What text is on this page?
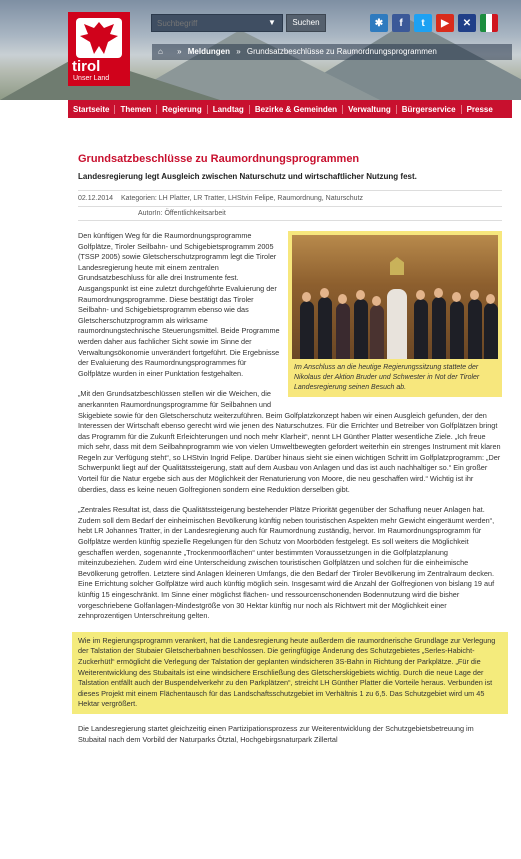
tirol
Unser Land
Suchbegriff
▼	Suchen	✱	f	t	▶	✕
⌂ » Meldungen » Grundsatzbeschlüsse zu Raumordnungsprogrammen
Startseite	Themen	Regierung	Landtag	Bezirke & Gemeinden	Verwaltung	Bürgerservice	Presse
Grundsatzbeschlüsse zu Raumordnungsprogrammen
Landesregierung legt Ausgleich zwischen Naturschutz und wirtschaftlicher Nutzung fest.
02.12.2014 Kategorien: LH Platter, LR Tratter, LHStvin Felipe, Raumordnung, Naturschutz
AutorIn: Öffentlichkeitsarbeit
Im Anschluss an die heutige Regierungssitzung stattete der Nikolaus der Aktion Bruder und Schwester in Not der Tiroler Landesregierung seinen Besuch ab.

Den künftigen Weg für die Raumordnungsprogramme Golfplätze, Tiroler Seilbahn- und Schigebietsprogramm 2005 (TSSP 2005) sowie Gletscherschutzprogramm legt die Tiroler Landesregierung heute mit einem zentralen Grundsatzbeschluss für alle drei Instrumente fest. Ausgangspunkt ist eine zuletzt durchgeführte Evaluierung der Raumordnungsprogramme. Diese bestätigt das Tiroler Seilbahn- und Schigebietsprogramm ebenso wie das Gletscherschutzprogramm als wirksame raumordnungstechnische Steuerungsmittel. Beide Programme werden daher aus fachlicher Sicht sowie im Sinne der Verwaltungsökonomie unverändert fortgeführt. Die Ergebnisse der Evaluierung des Raumordnungsprogrammes für Golfplätze wurden in einer Punktation festgehalten.

„Mit den Grundsatzbeschlüssen stellen wir die Weichen, die anerkannten Raumordnungsprogramme für Seilbahnen und Skigebiete sowie für den Gletscherschutz weiterzuführen. Beim Golfplatzkonzept haben wir einen Ausgleich gefunden, der den Interessen der Wirtschaft ebenso gerecht wird wie jenen des Naturschutzes. Für die Errichter und Betreiber von Golfplätzen bringt das Programm für die Zukunft Erleichterungen und noch mehr Klarheit“, nennt LH Günther Platter wesentliche Ziele. „Ich freue mich sehr, dass mit dem Seilbahnprogramm wie von vielen Umweltbewegten gefordert weiterhin ein strenges Instrument mit klaren Regeln zur Verfügung steht“, so LHStvin Ingrid Felipe. Darüber hinaus sieht sie einen wichtigen Schritt im Golfplatzprogramm: „Der Schwerpunkt liegt auf der Qualitätssteigerung, statt auf dem Ausbau von Anlagen und das ist auch nachhaltiger so.“ Ein großer Vorteil für die Natur ergebe sich aus der Möglichkeit der Renaturierung von Moore, die neu geschaffen wird.“ Wichtig ist ihr überdies, dass es keine neuen Golfregionen sondern eine Reduktion derselben gibt.

„Zentrales Resultat ist, dass die Qualitätssteigerung bestehender Plätze Priorität gegenüber der Schaffung neuer Anlagen hat. Zudem soll dem Bedarf der einheimischen Bevölkerung künftig neben touristischen Aspekten mehr Gewicht eingeräumt werden“, hebt LR Johannes Tratter, in der Landesregierung auch für Raumordnung zuständig, hervor. Im Raumordnungsprogramm für Golfplätze werden künftig spezielle Regelungen für den Schutz von Moorböden festgelegt. Es soll weiters die Möglichkeit geschaffen werden, sogenannte „Trockenmoorflächen“ unter bestimmten Voraussetzungen in die Golfplatzplanung miteinzubeziehen. Zudem wird eine Unterscheidung zwischen touristischen Golfplätzen und solchen für die einheimische Bevölkerung getroffen. Letztere sind Anlagen kleineren Umfangs, die den Bedarf der Tiroler Bevölkerung im Zentralraum decken. Eine Errichtung solcher Golfplätze wird auch künftig möglich sein. Insgesamt wird die Anzahl der Golfregionen von bislang 19 auf künftig 15 eingeschränkt. Im Sinne einer möglichst flächen- und ressourcenschonenden Bodennutzung wird die bisher vorgeschriebene Golfanlagen-Mindestgröße von 30 Hektar künftig nur noch als Richtwert mit der Möglichkeit einer zehnprozentigen Unterschreitung gelten.

Wie im Regierungsprogramm verankert, hat die Landesregierung heute außerdem die raumordnerische Grundlage zur Verlegung der Talstation der Stubaier Gletscherbahnen beschlossen. Die geringfügige Änderung des Schutzgebietes „Serles-Habicht-Zuckerhütl“ ermöglicht die Verlegung der Talstation der geplanten windsicheren 3S-Bahn in Richtung der Parkplätze. „Für die Weiterentwicklung des Stubaitals ist eine windsichere Erschließung des Gletscherskigebiets wichtig. Durch die neue Lage der Talstation entfällt auch der Buspendelverkehr zu den Parkplätzen“, streicht LH Günther Platter die Vorteile heraus. Verbunden ist dieses Projekt mit einem Flächentausch für das Landschaftsschutzgebiet im Verhältnis 1 zu 6,5. Das Schutzgebiet wird um 45 Hektar vergrößert.

Die Landesregierung startet gleichzeitig einen Partizipationsprozess zur Weiterentwicklung der Schutzgebietsbetreuung im Stubaital nach dem Vorbild der Naturparks Ötztal, Hochgebirgsnaturpark Zillertal
